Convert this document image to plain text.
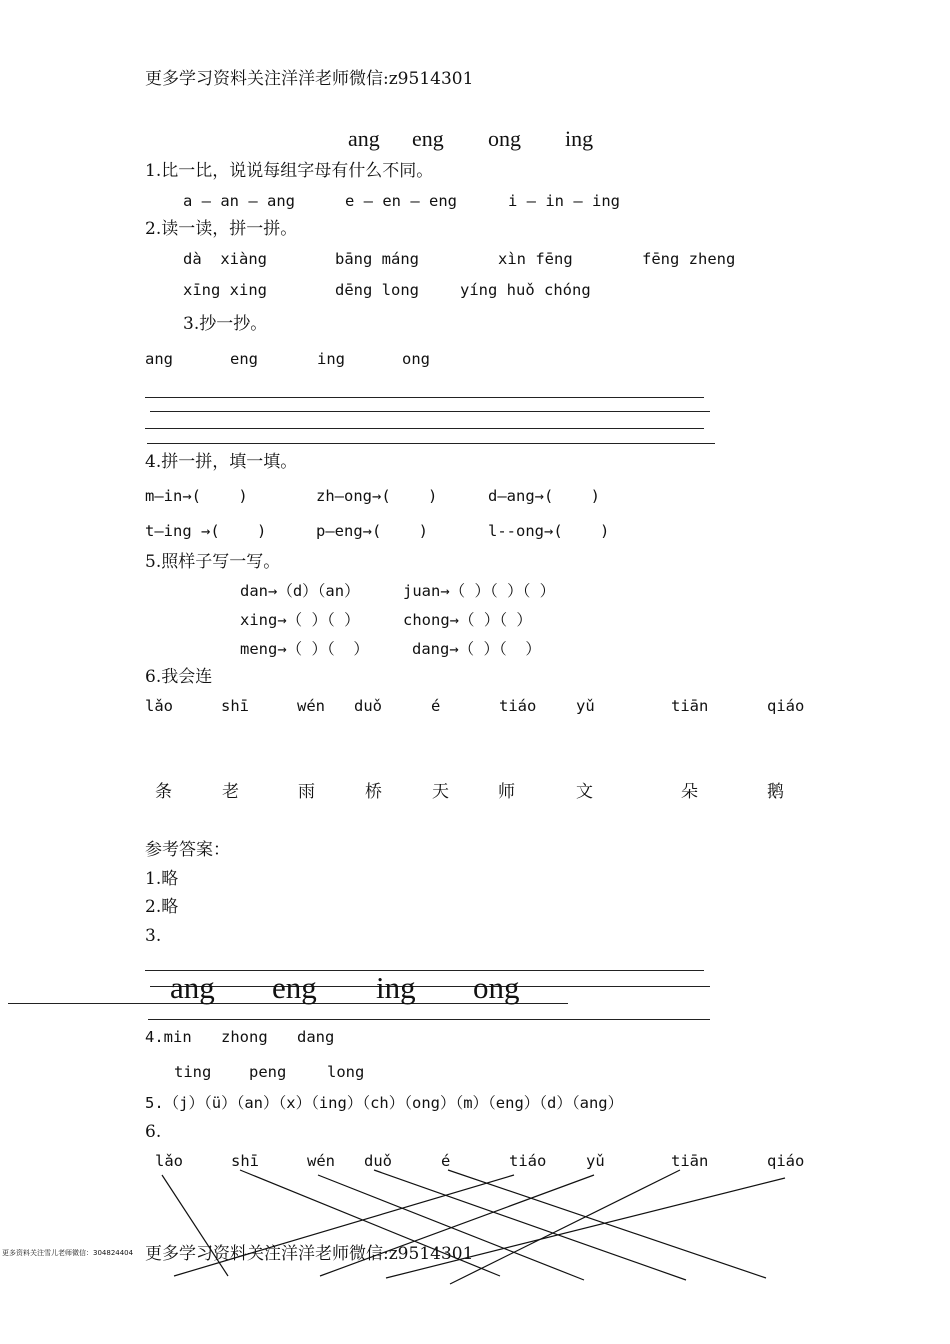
更多学习资料关注洋洋老师微信:z9514301
ang eng ong ing
1.比一比，说说每组字母有什么不同。
a — an — ang	e — en — eng	i — in — ing
2.读一读，拼一拼。
dà  xiàng	bāng máng	xìn fēng	fēng zheng
xīng xing	dēng long	yíng huǒ chóng
3.抄一抄。
ang	eng	ing	ong
4.拼一拼，填一填。
m—in→(    )	zh—ong→(    )	d—ang→(    )
t—ing →(    )	p—eng→(    )	l--ong→(    )
5.照样子写一写。
dan→（d）（an）	juan→（ ）（ ）（ ）
xing→（ ）（ ）	chong→（ ）（ ）
meng→（ ）（  ）	dang→（ ）（  ）
6.我会连
lǎo	shī	wén duǒ	é	tiáo	yǔ	tiān	qiáo
条	老	雨	桥	天	师	文	朵	鹅
参考答案：
1.略
2.略
3.
ang eng ing ong
4.min zhong dang
ting peng	long
5.（j）（ü）（an）（x）（ing）（ch）（ong）（m）（eng）（d）（ang）
6.
lǎo	shī	wén duǒ	é	tiáo	yǔ	tiān	qiáo
更多学习资料关注洋洋老师微信:z9514301
更多资料关注雪儿老师微信：304824404
